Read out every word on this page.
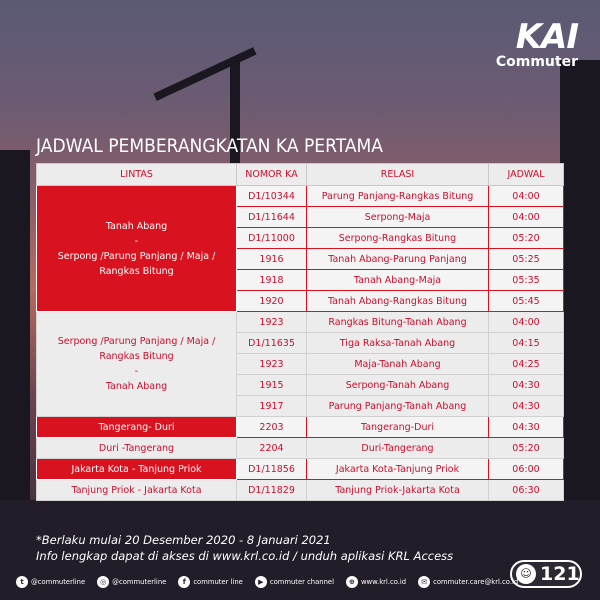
KAI
Commuter
JADWAL PEMBERANGKATAN KA PERTAMA
LINTAS	NOMOR KA	RELASI	JADWAL

Tanah Abang
-
Serpong /Parung Panjang / Maja /
Rangkas Bitung	D1/10344	Parung Panjang-Rangkas Bitung	04:00
	D1/11644	Serpong-Maja	04:00
	D1/11000	Serpong-Rangkas Bitung	05:20
	1916	Tanah Abang-Parung Panjang	05:25
	1918	Tanah Abang-Maja	05:35
	1920	Tanah Abang-Rangkas Bitung	05:45

Serpong /Parung Panjang / Maja /
Rangkas Bitung
-
Tanah Abang	1923	Rangkas Bitung-Tanah Abang	04:00
	D1/11635	Tiga Raksa-Tanah Abang	04:15
	1923	Maja-Tanah Abang	04:25
	1915	Serpong-Tanah Abang	04:30
	1917	Parung Panjang-Tanah Abang	04:30

Tangerang- Duri	2203	Tangerang-Duri	04:30

Duri -Tangerang	2204	Duri-Tangerang	05:20

Jakarta Kota - Tanjung Priok	D1/11856	Jakarta Kota-Tanjung Priok	06:00

Tanjung Priok - Jakarta Kota	D1/11829	Tanjung Priok-Jakarta Kota	06:30
*Berlaku mulai 20 Desember 2020 - 8 Januari 2021
Info lengkap dapat di akses di www.krl.co.id / unduh aplikasi KRL Access
t	@commuterline	◎ @commuterline	f	commuter line	▶ commuter channel	⊕ www.krl.co.id	✉ commuter.care@krl.co.id
☺ 121
